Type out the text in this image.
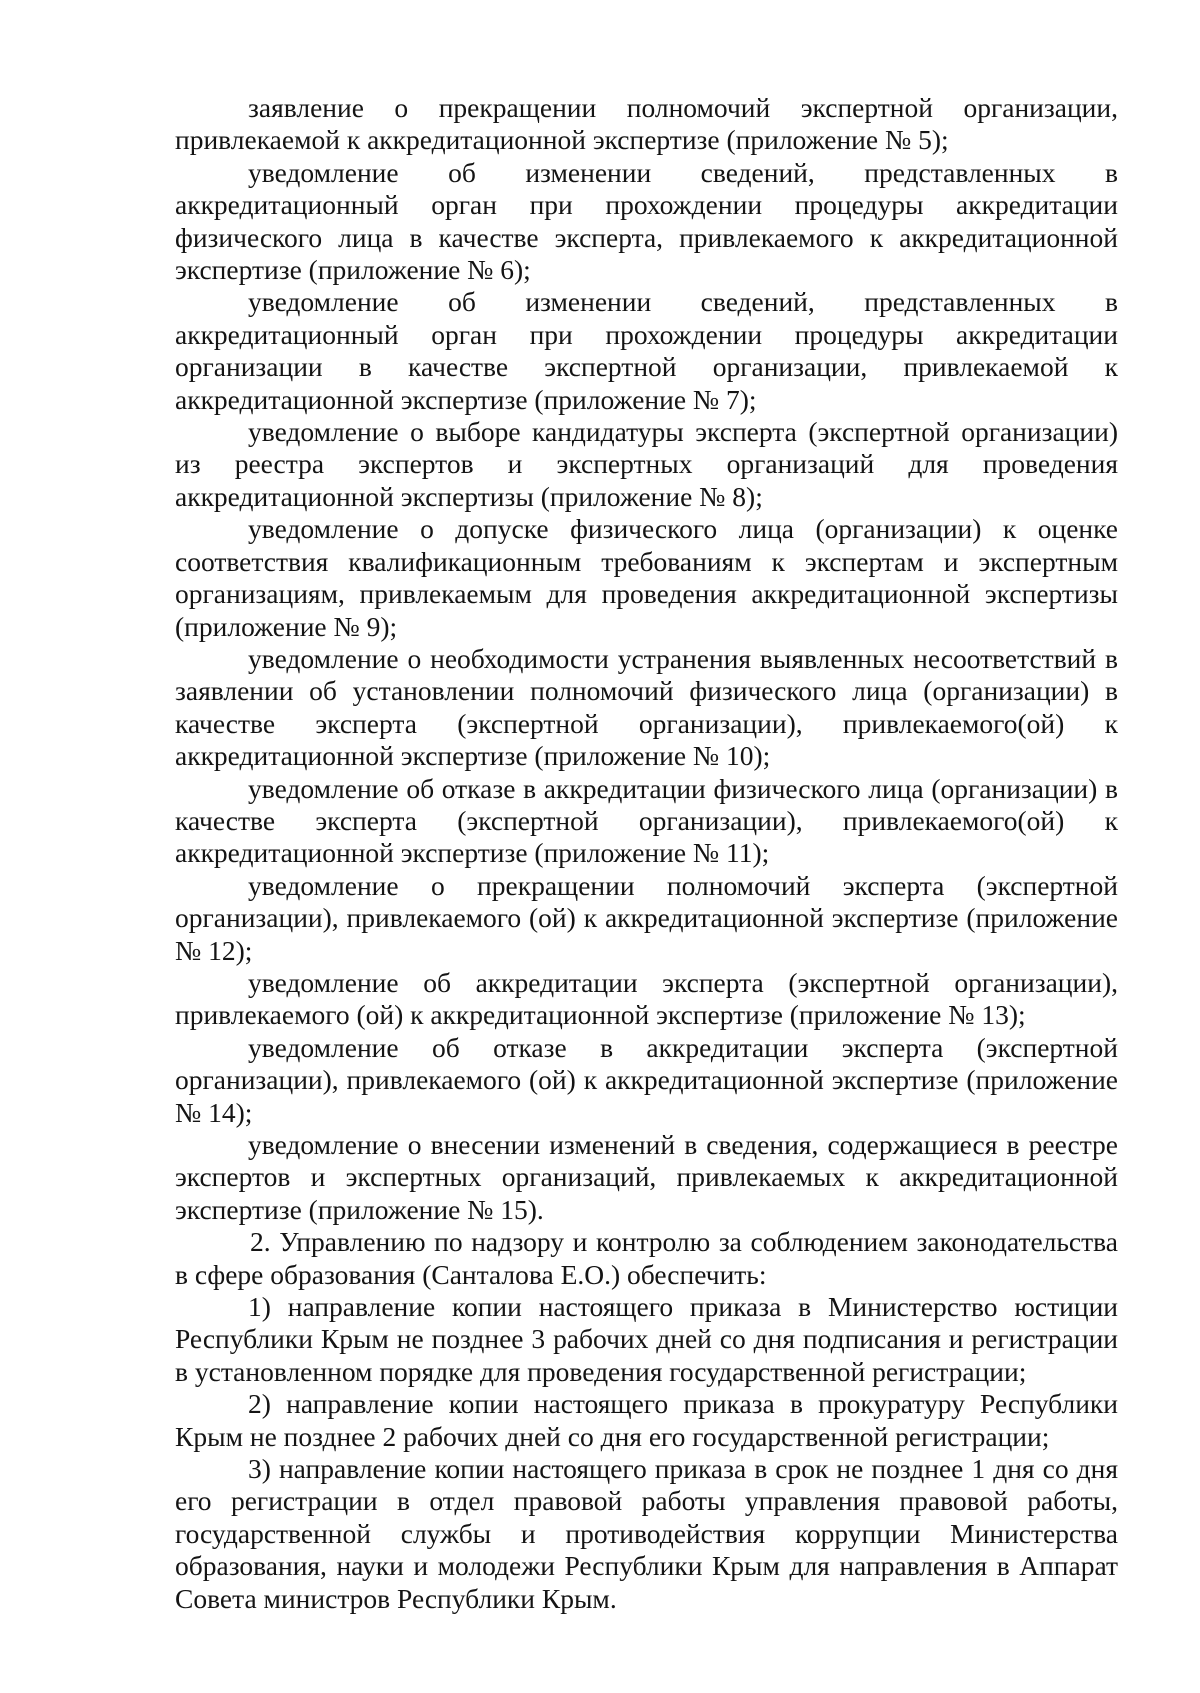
заявление о прекращении полномочий экспертной организации, привлекаемой к аккредитационной экспертизе (приложение № 5);

уведомление об изменении сведений, представленных в аккредитационный орган при прохождении процедуры аккредитации физического лица в качестве эксперта, привлекаемого к аккредитационной экспертизе (приложение № 6);

уведомление об изменении сведений, представленных в аккредитационный орган при прохождении процедуры аккредитации организации в качестве экспертной организации, привлекаемой к аккредитационной экспертизе (приложение № 7);

уведомление о выборе кандидатуры эксперта (экспертной организации) из реестра экспертов и экспертных организаций для проведения аккредитационной экспертизы (приложение № 8);

уведомление о допуске физического лица (организации) к оценке соответствия квалификационным требованиям к экспертам и экспертным организациям, привлекаемым для проведения аккредитационной экспертизы (приложение № 9);

уведомление о необходимости устранения выявленных несоответствий в заявлении об установлении полномочий физического лица (организации) в качестве эксперта (экспертной организации), привлекаемого(ой) к аккредитационной экспертизе (приложение № 10);

уведомление об отказе в аккредитации физического лица (организации) в качестве эксперта (экспертной организации), привлекаемого(ой) к аккредитационной экспертизе (приложение № 11);

уведомление о прекращении полномочий эксперта (экспертной организации), привлекаемого (ой) к аккредитационной экспертизе (приложение № 12);

уведомление об аккредитации эксперта (экспертной организации), привлекаемого (ой) к аккредитационной экспертизе (приложение № 13);

уведомление об отказе в аккредитации эксперта (экспертной организации), привлекаемого (ой) к аккредитационной экспертизе (приложение № 14);

уведомление о внесении изменений в сведения, содержащиеся в реестре экспертов и экспертных организаций, привлекаемых к аккредитационной экспертизе (приложение № 15).

2. Управлению по надзору и контролю за соблюдением законодательства в сфере образования (Санталова Е.О.) обеспечить:

1) направление копии настоящего приказа в Министерство юстиции Республики Крым не позднее 3 рабочих дней со дня подписания и регистрации в установленном порядке для проведения государственной регистрации;

2) направление копии настоящего приказа в прокуратуру Республики Крым не позднее 2 рабочих дней со дня его государственной регистрации;

3) направление копии настоящего приказа в срок не позднее 1 дня со дня его регистрации в отдел правовой работы управления правовой работы, государственной службы и противодействия коррупции Министерства образования, науки и молодежи Республики Крым для направления в Аппарат Совета министров Республики Крым.
